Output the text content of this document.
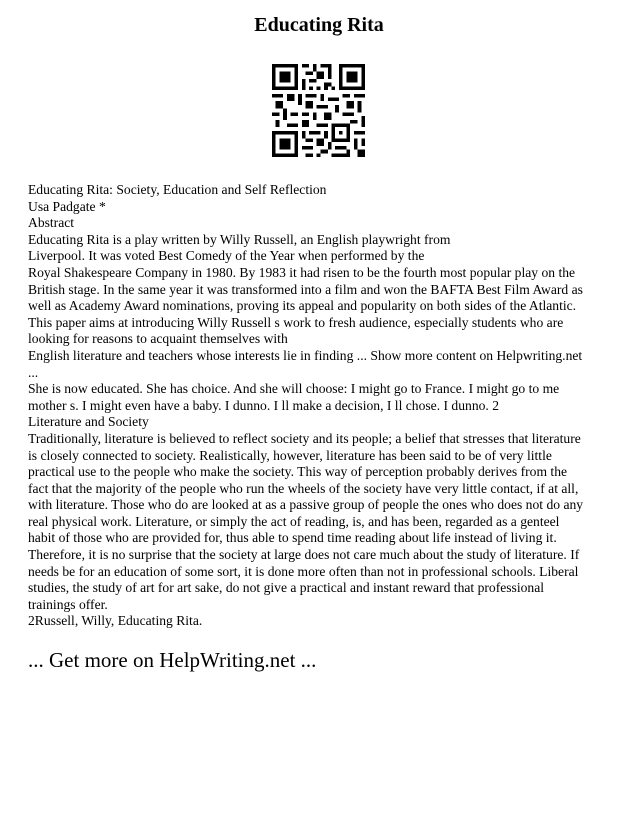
Educating Rita
Educating Rita: Society, Education and Self Reflection
Usa Padgate *
Abstract
Educating Rita is a play written by Willy Russell, an English playwright from
Liverpool. It was voted Best Comedy of the Year when performed by the
Royal Shakespeare Company in 1980. By 1983 it had risen to be the fourth most popular play on the
British stage. In the same year it was transformed into a film and won the BAFTA Best Film Award as
well as Academy Award nominations, proving its appeal and popularity on both sides of the Atlantic.
This paper aims at introducing Willy Russell s work to fresh audience, especially students who are
looking for reasons to acquaint themselves with
English literature and teachers whose interests lie in finding ... Show more content on Helpwriting.net
...
She is now educated. She has choice. And she will choose: I might go to France. I might go to me
mother s. I might even have a baby. I dunno. I ll make a decision, I ll chose. I dunno. 2
Literature and Society
Traditionally, literature is believed to reflect society and its people; a belief that stresses that literature
is closely connected to society. Realistically, however, literature has been said to be of very little
practical use to the people who make the society. This way of perception probably derives from the
fact that the majority of the people who run the wheels of the society have very little contact, if at all,
with literature. Those who do are looked at as a passive group of people the ones who does not do any
real physical work. Literature, or simply the act of reading, is, and has been, regarded as a genteel
habit of those who are provided for, thus able to spend time reading about life instead of living it.
Therefore, it is no surprise that the society at large does not care much about the study of literature. If
needs be for an education of some sort, it is done more often than not in professional schools. Liberal
studies, the study of art for art sake, do not give a practical and instant reward that professional
trainings offer.
2Russell, Willy, Educating Rita.
... Get more on HelpWriting.net ...
